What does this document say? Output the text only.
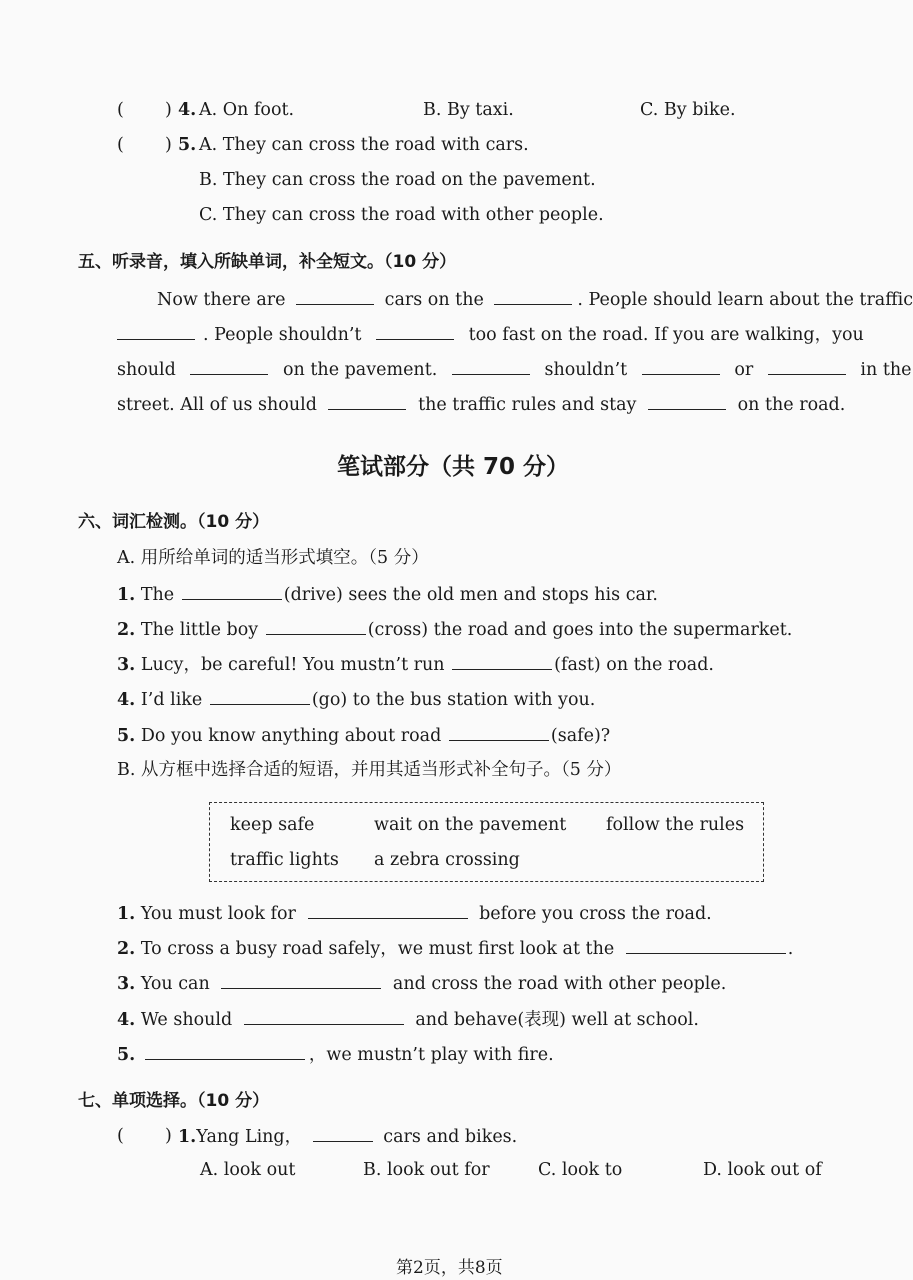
( ) 4. A. On foot.	B. By taxi.	C. By bike.
( ) 5. A. They can cross the road with cars.
B. They can cross the road on the pavement.
C. They can cross the road with other people.
五、听录音，填入所缺单词，补全短文。（10 分）
Now there are	cars on the	. People should learn about the traffic
. People shouldn’t	too fast on the road. If you are walking，you
should	on the pavement.	shouldn’t	or	in the
street. All of us should	the traffic rules and stay	on the road.
笔试部分（共 70 分）
六、词汇检测。（10 分）
A. 用所给单词的适当形式填空。（5 分）
1. The	(drive) sees the old men and stops his car.
2. The little boy	(cross) the road and goes into the supermarket.
3. Lucy，be careful! You mustn’t run	(fast) on the road.
4. I’d like	(go) to the bus station with you.
5. Do you know anything about road	(safe)?
B. 从方框中选择合适的短语，并用其适当形式补全句子。（5 分）
keep safe	wait on the pavement follow the rules
traffic lights a zebra crossing
1. You must look for	before you cross the road.
2. To cross a busy road safely，we must first look at the	.
3. You can	and cross the road with other people.
4. We should	and behave(表现) well at school.
5.	，we mustn’t play with fire.
七、单项选择。（10 分）
( ) 1.Yang Ling，	cars and bikes.
A. look out	B. look out for	C. look to	D. look out of
第2页，共8页
